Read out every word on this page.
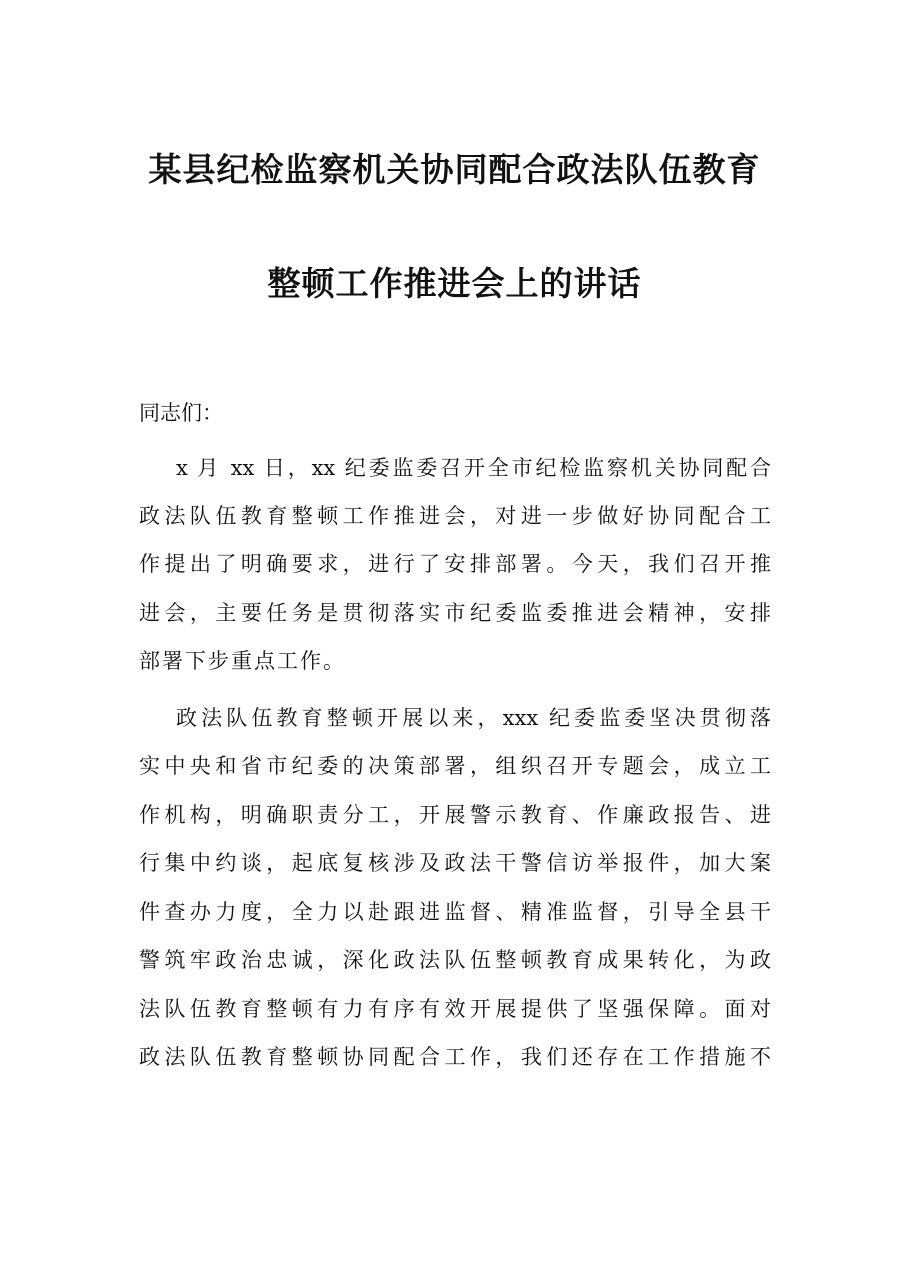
某县纪检监察机关协同配合政法队伍教育
整顿工作推进会上的讲话
同志们：
x 月 xx 日，xx 纪委监委召开全市纪检监察机关协同配合
政法队伍教育整顿工作推进会，对进一步做好协同配合工
作提出了明确要求，进行了安排部署。今天，我们召开推
进会，主要任务是贯彻落实市纪委监委推进会精神，安排
部署下步重点工作。
政法队伍教育整顿开展以来，xxx 纪委监委坚决贯彻落
实中央和省市纪委的决策部署，组织召开专题会，成立工
作机构，明确职责分工，开展警示教育、作廉政报告、进
行集中约谈，起底复核涉及政法干警信访举报件，加大案
件查办力度，全力以赴跟进监督、精准监督，引导全县干
警筑牢政治忠诚，深化政法队伍整顿教育成果转化，为政
法队伍教育整顿有力有序有效开展提供了坚强保障。面对
政法队伍教育整顿协同配合工作，我们还存在工作措施不
